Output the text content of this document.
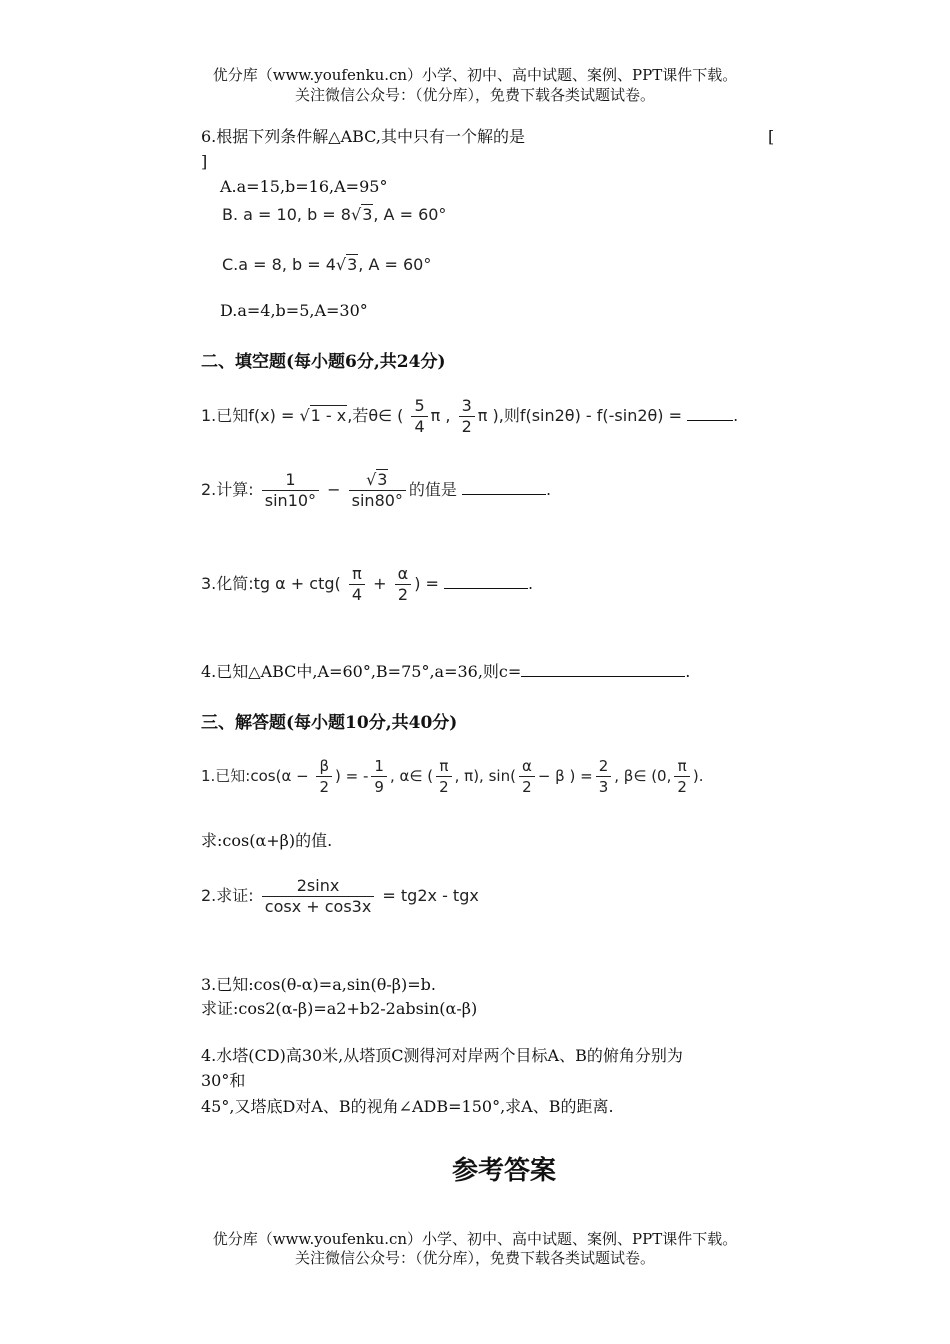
优分库（www.youfenku.cn）小学、初中、高中试题、案例、PPT课件下载。
关注微信公众号：（优分库），免费下载各类试题试卷。
6.根据下列条件解△ABC,其中只有一个解的是	[
]
A.a=15,b=16,A=95°
B. a = 10, b = 8√3, A = 60°
C.a = 8, b = 4√3, A = 60°
D.a=4,b=5,A=30°
二、填空题(每小题6分,共24分)
1.已知f(x) = √1 - x,若θ∈ ( $\frac{5}{4}$ π , $\frac{3}{2}$ π ),则f(sin2θ) - f(-sin2θ) =	.
2.计算: $\frac{1}{\sin 10^\circ} - \frac{√3}{\sin 80^\circ}$ 的值是	.
3.化简:tg $\alpha + ctg( \frac{\pi}{4} + \frac{\alpha}{2}$ ) =	.
4.已知△ABC中,A=60°,B=75°,a=36,则c=	.
三、解答题(每小题10分,共40分)
1.已知:cos(α − $\frac{\beta}{2}$ ) = - $\frac{1}{9}$ , α∈ ( $\frac{\pi}{2}$ , π), $\sin( \frac{\alpha}{2} - \beta$ ) = $\frac{2}{3}$ , β∈ (0, $\frac{\pi}{2}$ ).
求:cos(α+β)的值.
2.求证: $\frac{2\sin x}{\cos x + \cos 3x} = tg2x$ - tgx
3.已知:cos(θ-α)=a,sin(θ-β)=b.
求证:cos2(α-β)=a2+b2-2absin(α-β)
4.水塔(CD)高30米,从塔顶C测得河对岸两个目标A、B的俯角分别为
30°和
45°,又塔底D对A、B的视角∠ADB=150°,求A、B的距离.
参考答案
优分库（www.youfenku.cn）小学、初中、高中试题、案例、PPT课件下载。
关注微信公众号：（优分库），免费下载各类试题试卷。
